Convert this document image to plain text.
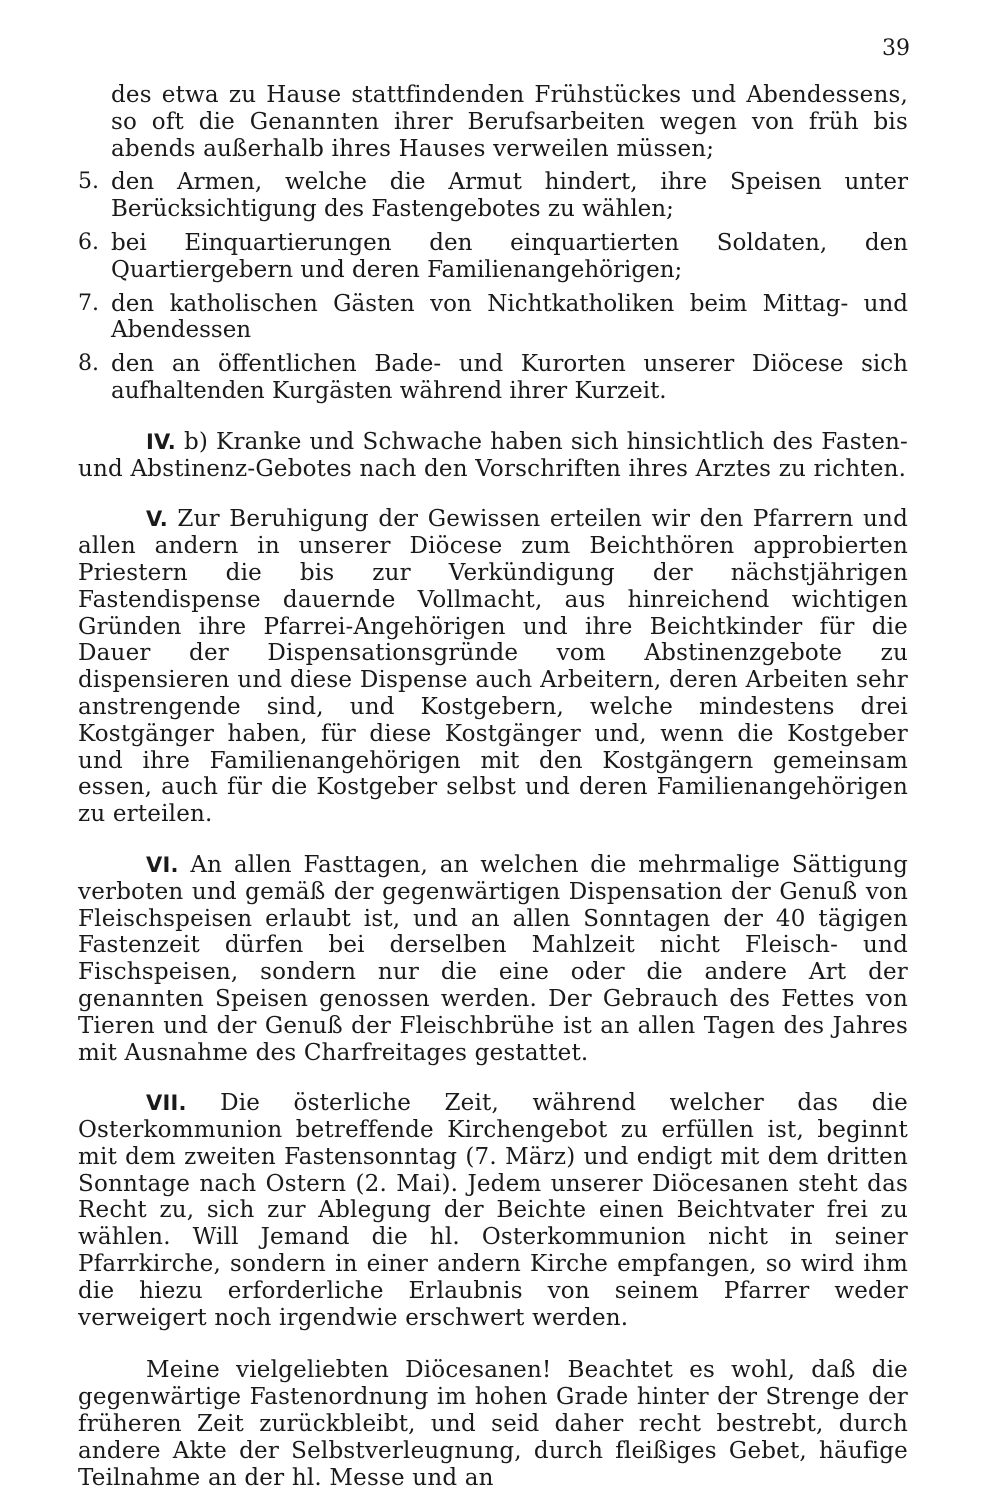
39

des etwa zu Hause stattfindenden Frühstückes und Abendessens, so oft die Genannten ihrer Berufsarbeiten wegen von früh bis abends außerhalb ihres Hauses verweilen müssen;

5. den Armen, welche die Armut hindert, ihre Speisen unter Berücksichtigung des Fastengebotes zu wählen;
6. bei Einquartierungen den einquartierten Soldaten, den Quartiergebern und deren Familienangehörigen;
7. den katholischen Gästen von Nichtkatholiken beim Mittag- und Abendessen
8. den an öffentlichen Bade- und Kurorten unserer Diöcese sich aufhaltenden Kurgästen während ihrer Kurzeit.

IV. b) Kranke und Schwache haben sich hinsichtlich des Fasten- und Abstinenz-Gebotes nach den Vorschriften ihres Arztes zu richten.

V. Zur Beruhigung der Gewissen erteilen wir den Pfarrern und allen andern in unserer Diöcese zum Beichthören approbierten Priestern die bis zur Verkündigung der nächstjährigen Fastendispense dauernde Vollmacht, aus hinreichend wichtigen Gründen ihre Pfarrei-Angehörigen und ihre Beichtkinder für die Dauer der Dispensationsgründe vom Abstinenzgebote zu dispensieren und diese Dispense auch Arbeitern, deren Arbeiten sehr anstrengende sind, und Kostgebern, welche mindestens drei Kostgänger haben, für diese Kostgänger und, wenn die Kostgeber und ihre Familienangehörigen mit den Kostgängern gemeinsam essen, auch für die Kostgeber selbst und deren Familienangehörigen zu erteilen.

VI. An allen Fasttagen, an welchen die mehrmalige Sättigung verboten und gemäß der gegenwärtigen Dispensation der Genuß von Fleischspeisen erlaubt ist, und an allen Sonntagen der 40 tägigen Fastenzeit dürfen bei derselben Mahlzeit nicht Fleisch- und Fischspeisen, sondern nur die eine oder die andere Art der genannten Speisen genossen werden. Der Gebrauch des Fettes von Tieren und der Genuß der Fleischbrühe ist an allen Tagen des Jahres mit Ausnahme des Charfreitages gestattet.

VII. Die österliche Zeit, während welcher das die Osterkommunion betreffende Kirchengebot zu erfüllen ist, beginnt mit dem zweiten Fastensonntag (7. März) und endigt mit dem dritten Sonntage nach Ostern (2. Mai). Jedem unserer Diöcesanen steht das Recht zu, sich zur Ablegung der Beichte einen Beichtvater frei zu wählen. Will Jemand die hl. Osterkommunion nicht in seiner Pfarrkirche, sondern in einer andern Kirche empfangen, so wird ihm die hiezu erforderliche Erlaubnis von seinem Pfarrer weder verweigert noch irgendwie erschwert werden.

Meine vielgeliebten Diöcesanen! Beachtet es wohl, daß die gegenwärtige Fastenordnung im hohen Grade hinter der Strenge der früheren Zeit zurückbleibt, und seid daher recht bestrebt, durch andere Akte der Selbstverleugnung, durch fleißiges Gebet, häufige Teilnahme an der hl. Messe und an
